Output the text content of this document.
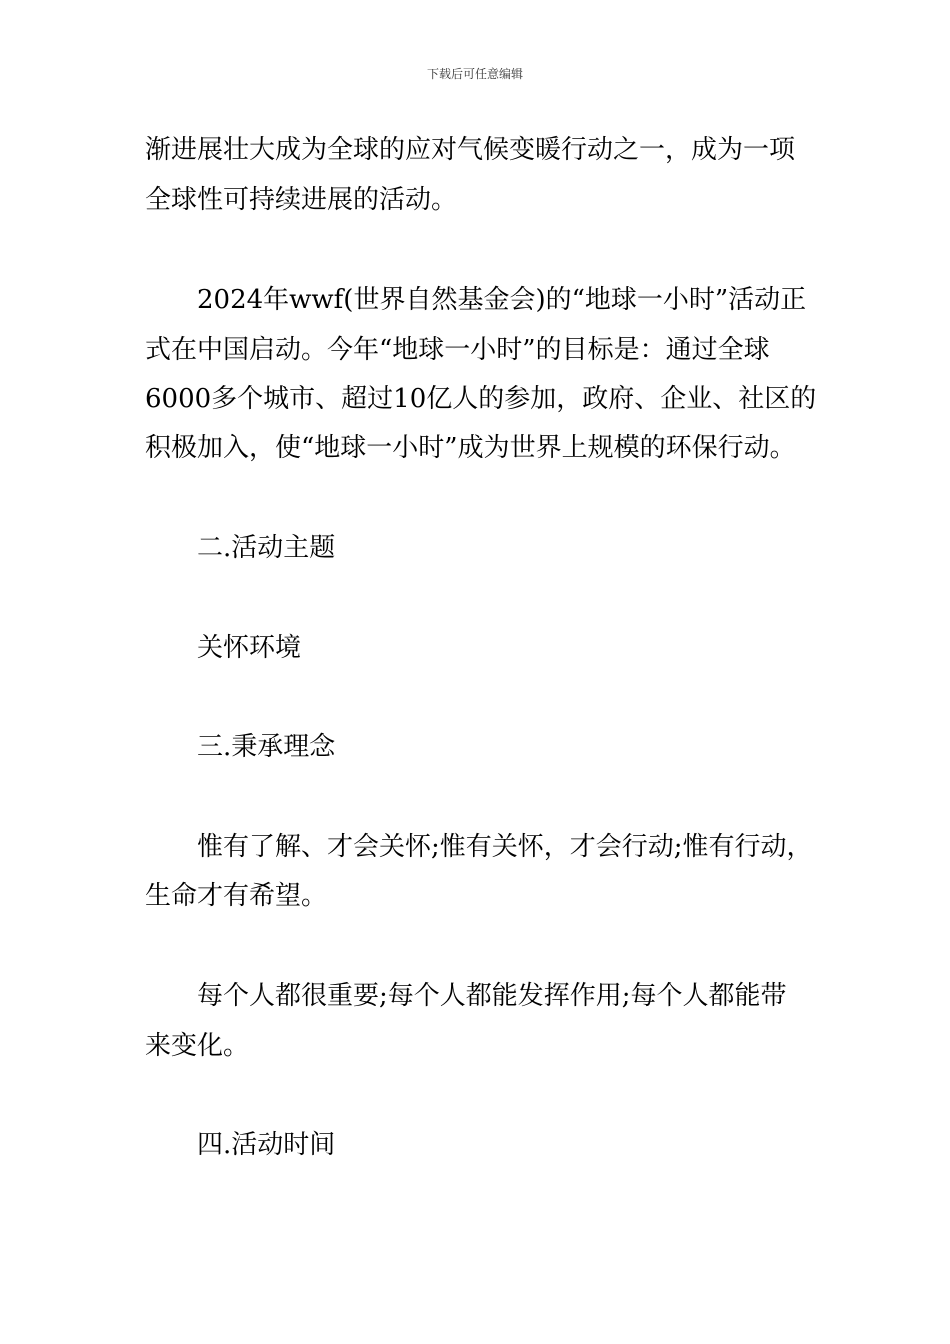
下载后可任意编辑
渐进展壮大成为全球的应对气候变暖行动之一，成为一项
全球性可持续进展的活动。
2024年wwf(世界自然基金会)的“地球一小时”活动正
式在中国启动。今年“地球一小时”的目标是：通过全球
6000多个城市、超过10亿人的参加，政府、企业、社区的
积极加入，使“地球一小时”成为世界上规模的环保行动。
二.活动主题
关怀环境
三.秉承理念
惟有了解、才会关怀;惟有关怀，才会行动;惟有行动，
生命才有希望。
每个人都很重要;每个人都能发挥作用;每个人都能带
来变化。
四.活动时间
